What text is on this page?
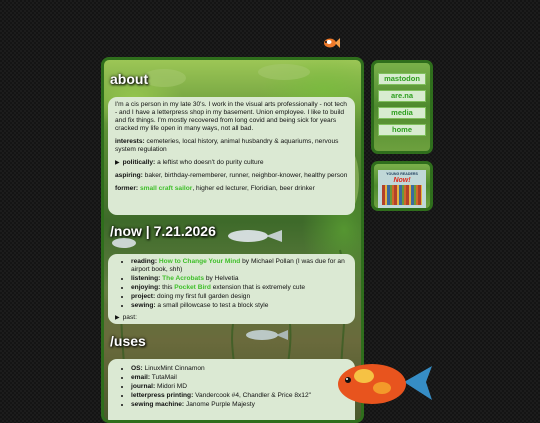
about

I'm a cis person in my late 30's. I work in the visual arts professionally - not tech - and I have a letterpress shop in my basement. Union employee. I like to build and fix things. I'm mostly recovered from long covid and being sick for years cracked my life open in many ways, not all bad.

interests: cemeteries, local history, animal husbandry & aquariums, nervous system regulation

▶ politically: a leftist who doesn't do purity culture

aspiring: baker, birthday-rememberer, runner, neighbor-knower, healthy person

former: small craft sailor, higher ed lecturer, Floridian, beer drinker

/now | 7.21.2026
• reading: How to Change Your Mind by Michael Pollan (I was due for an airport book, shh)
• listening: The Acrobats by Helvetia
• enjoying: this Pocket Bird extension that is extremely cute
• project: doing my first full garden design
• sewing: a small pillowcase to test a block style

▶ past:

/uses
• OS: LinuxMint Cinnamon
• email: TutaMail
• journal: Midori MD
• letterpress printing: Vandercook #4, Chandler & Price 8x12"
• sewing machine: Janome Purple Majesty
mastodon
are.na
media
home
YOUNG READERS
Now!
